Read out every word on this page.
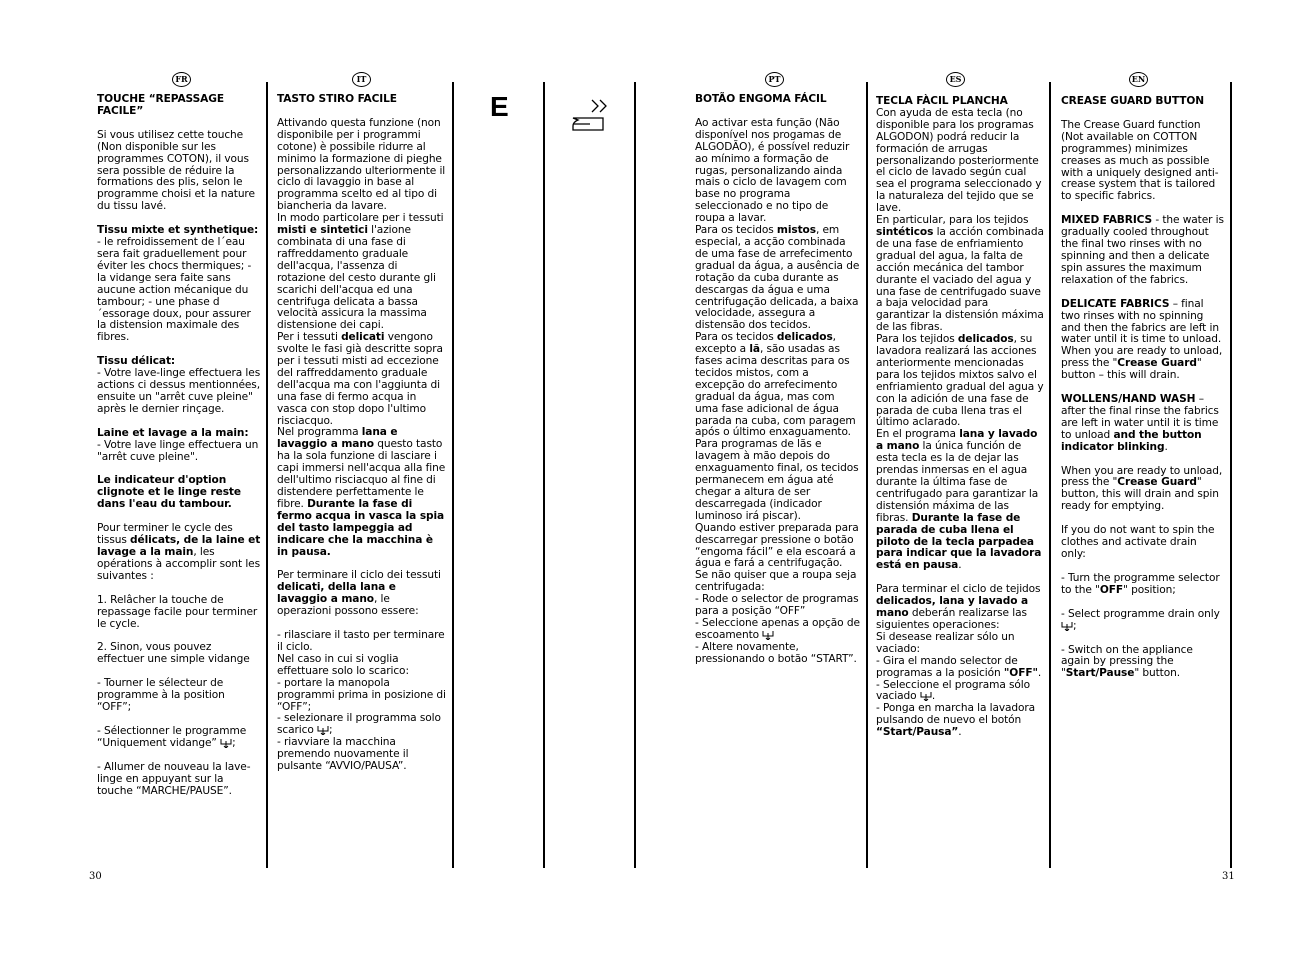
FR	IT	PT	ES	EN
E
TOUCHE “REPASSAGE FACILE”

Si vous utilisez cette touche (Non disponible sur les programmes COTON), il vous sera possible de réduire la formations des plis, selon le programme choisi et la nature du tissu lavé.

Tissu mixte et synthetique:

- le refroidissement de l´eau sera fait graduellement pour éviter les chocs thermiques; - la vidange sera faite sans aucune action mécanique du tambour; - une phase d´essorage doux, pour assurer la distension maximale des fibres.

Tissu délicat:

- Votre lave-linge effectuera les actions ci dessus mentionnées, ensuite un "arrêt cuve pleine" après le dernier rinçage.

Laine et lavage a la main:

- Votre lave linge effectuera un "arrêt cuve pleine".

Le indicateur d'option clignote et le linge reste dans l'eau du tambour.

Pour terminer le cycle des tissus délicats, de la laine et lavage a la main, les opérations à accomplir sont les suivantes :

1. Relâcher la touche de repassage facile pour terminer le cycle.

2. Sinon, vous pouvez effectuer une simple vidange

- Tourner le sélecteur de programme à la position “OFF”;

- Sélectionner le programme “Uniquement vidange” ;

- Allumer de nouveau la lave-linge en appuyant sur la touche “MARCHE/PAUSE”.

TASTO STIRO FACILE

Attivando questa funzione (non disponibile per i programmi cotone) è possibile ridurre al minimo la formazione di pieghe personalizzando ulteriormente il ciclo di lavaggio in base al programma scelto ed al tipo di biancheria da lavare.

In modo particolare per i tessuti misti e sintetici l'azione combinata di una fase di raffreddamento graduale dell'acqua, l'assenza di rotazione del cesto durante gli scarichi dell'acqua ed una centrifuga delicata a bassa velocità assicura la massima distensione dei capi.

Per i tessuti delicati vengono svolte le fasi già descritte sopra per i tessuti misti ad eccezione del raffreddamento graduale dell'acqua ma con l'aggiunta di una fase di fermo acqua in vasca con stop dopo l'ultimo risciacquo.

Nel programma lana e lavaggio a mano questo tasto ha la sola funzione di lasciare i capi immersi nell'acqua alla fine dell'ultimo risciacquo al fine di distendere perfettamente le fibre. Durante la fase di fermo acqua in vasca la spia del tasto lampeggia ad indicare che la macchina è in pausa.

Per terminare il ciclo dei tessuti delicati, della lana e lavaggio a mano, le operazioni possono essere:

- rilasciare il tasto per terminare il ciclo.

Nel caso in cui si voglia effettuare solo lo scarico:

- portare la manopola programmi prima in posizione di “OFF”;

- selezionare il programma solo scarico ;

- riavviare la macchina premendo nuovamente il pulsante “AVVIO/PAUSA”.

BOTÃO ENGOMA FÁCIL

Ao activar esta função (Não disponível nos progamas de ALGODÃO), é possível reduzir ao mínimo a formação de rugas, personalizando ainda mais o ciclo de lavagem com base no programa seleccionado e no tipo de roupa a lavar.

Para os tecidos mistos, em especial, a acção combinada de uma fase de arrefecimento gradual da água, a ausência de rotação da cuba durante as descargas da água e uma centrifugação delicada, a baixa velocidade, assegura a distensão dos tecidos.

Para os tecidos delicados, excepto a lã, são usadas as fases acima descritas para os tecidos mistos, com a excepção do arrefecimento gradual da água, mas com uma fase adicional de água parada na cuba, com paragem após o último enxaguamento.

Para programas de lãs e lavagem à mão depois do enxaguamento final, os tecidos permanecem em água até chegar a altura de ser descarregada (indicador luminoso irá piscar).

Quando estiver preparada para descarregar pressione o botão “engoma fácil” e ela escoará a água e fará a centrifugação.

Se não quiser que a roupa seja centrifugada:

- Rode o selector de programas para a posição “OFF”

- Seleccione apenas a opção de escoamento

- Altere novamente, pressionando o botão “START”.

TECLA FÀCIL PLANCHA

Con ayuda de esta tecla (no disponible para los programas ALGODON) podrá reducir la formación de arrugas personalizando posteriormente el ciclo de lavado según cual sea el programa seleccionado y la naturaleza del tejido que se lave.

En particular, para los tejidos sintéticos la acción combinada de una fase de enfriamiento gradual del agua, la falta de acción mecánica del tambor durante el vaciado del agua y una fase de centrifugado suave a baja velocidad para garantizar la distensión máxima de las fibras.

Para los tejidos delicados, su lavadora realizará las acciones anteriormente mencionadas para los tejidos mixtos salvo el enfriamiento gradual del agua y con la adición de una fase de parada de cuba llena tras el último aclarado.

En el programa lana y lavado a mano la única función de esta tecla es la de dejar las prendas inmersas en el agua durante la última fase de centrifugado para garantizar la distensión máxima de las fibras. Durante la fase de parada de cuba llena el piloto de la tecla parpadea para indicar que la lavadora está en pausa.

Para terminar el ciclo de tejidos delicados, lana y lavado a mano deberán realizarse las siguientes operaciones:

Si desease realizar sólo un vaciado:

- Gira el mando selector de programas a la posición "OFF".

- Seleccione el programa sólo vaciado .

- Ponga en marcha la lavadora pulsando de nuevo el botón “Start/Pausa”.

CREASE GUARD BUTTON

The Crease Guard function (Not available on COTTON programmes) minimizes creases as much as possible with a uniquely designed anti-crease system that is tailored to specific fabrics.

MIXED FABRICS - the water is gradually cooled throughout the final two rinses with no spinning and then a delicate spin assures the maximum relaxation of the fabrics.

DELICATE FABRICS – final two rinses with no spinning and then the fabrics are left in water until it is time to unload. When you are ready to unload, press the "Crease Guard" button – this will drain.

WOLLENS/HAND WASH – after the final rinse the fabrics are left in water until it is time to unload and the button indicator blinking.

When you are ready to unload, press the "Crease Guard" button, this will drain and spin ready for emptying.

If you do not want to spin the clothes and activate drain only:

- Turn the programme selector to the "OFF" position;

- Select programme drain only ;

- Switch on the appliance again by pressing the "Start/Pause" button.

30	31
